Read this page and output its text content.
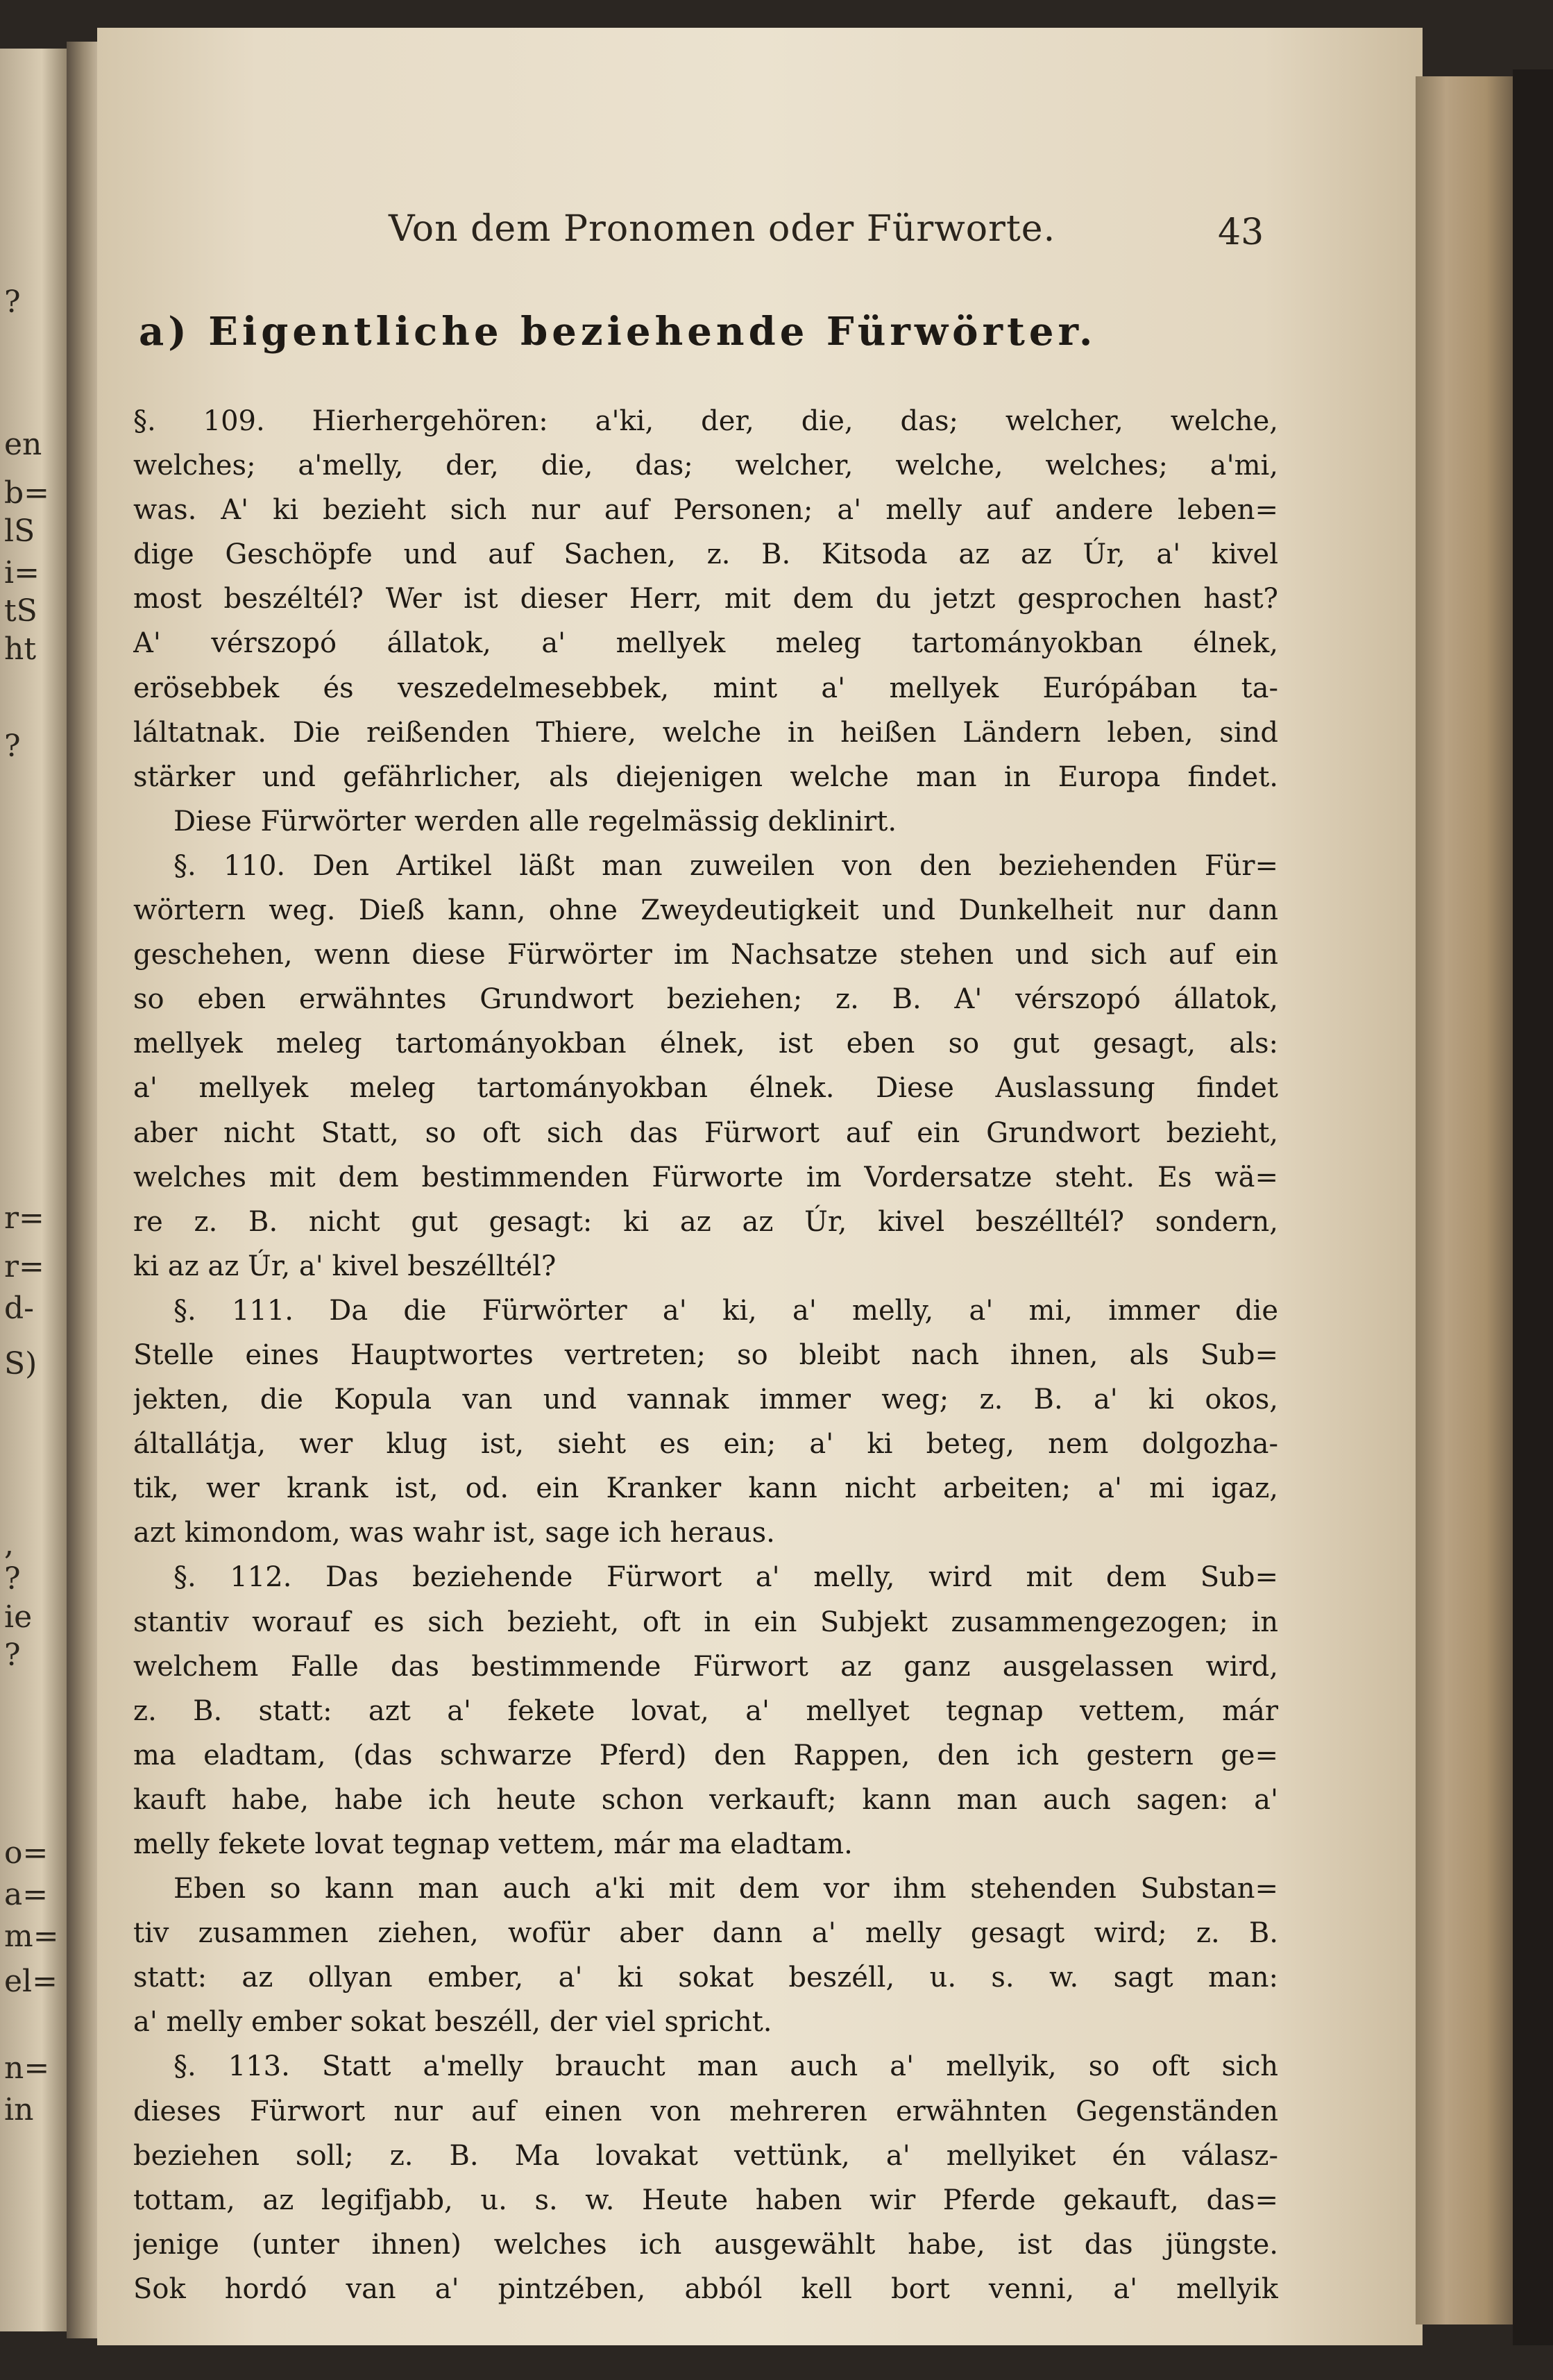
?
en
b=
lS
i=
tS
ht
?
r=
r=
d-
S)
,
?
ie
?
o=
a=
m=
el=
n=
in
Von dem Pronomen oder Fürworte.	43
a) Eigentliche beziehende Fürwörter.
§. 109. Hierhergehören: a'ki, der, die, das; welcher, welche,
welches; a'melly, der, die, das; welcher, welche, welches; a'mi,
was. A' ki bezieht sich nur auf Personen; a' melly auf andere leben=
dige Geschöpfe und auf Sachen, z. B. Kitsoda az az Úr, a' kivel
most beszéltél? Wer ist dieser Herr, mit dem du jetzt gesprochen hast?
A' vérszopó állatok, a' mellyek meleg tartományokban élnek,
erösebbek és veszedelmesebbek, mint a' mellyek Európában ta-
láltatnak. Die reißenden Thiere, welche in heißen Ländern leben, sind
stärker und gefährlicher, als diejenigen welche man in Europa findet.
Diese Fürwörter werden alle regelmässig deklinirt.
§. 110. Den Artikel läßt man zuweilen von den beziehenden Für=
wörtern weg. Dieß kann, ohne Zweydeutigkeit und Dunkelheit nur dann
geschehen, wenn diese Fürwörter im Nachsatze stehen und sich auf ein
so eben erwähntes Grundwort beziehen; z. B. A' vérszopó állatok,
mellyek meleg tartományokban élnek, ist eben so gut gesagt, als:
a' mellyek meleg tartományokban élnek. Diese Auslassung findet
aber nicht Statt, so oft sich das Fürwort auf ein Grundwort bezieht,
welches mit dem bestimmenden Fürworte im Vordersatze steht. Es wä=
re z. B. nicht gut gesagt: ki az az Úr, kivel beszélltél? sondern,
ki az az Úr, a' kivel beszélltél?
§. 111. Da die Fürwörter a' ki, a' melly, a' mi, immer die
Stelle eines Hauptwortes vertreten; so bleibt nach ihnen, als Sub=
jekten, die Kopula van und vannak immer weg; z. B. a' ki okos,
általlátja, wer klug ist, sieht es ein; a' ki beteg, nem dolgozha-
tik, wer krank ist, od. ein Kranker kann nicht arbeiten; a' mi igaz,
azt kimondom, was wahr ist, sage ich heraus.
§. 112. Das beziehende Fürwort a' melly, wird mit dem Sub=
stantiv worauf es sich bezieht, oft in ein Subjekt zusammengezogen; in
welchem Falle das bestimmende Fürwort az ganz ausgelassen wird,
z. B. statt: azt a' fekete lovat, a' mellyet tegnap vettem, már
ma eladtam, (das schwarze Pferd) den Rappen, den ich gestern ge=
kauft habe, habe ich heute schon verkauft; kann man auch sagen: a'
melly fekete lovat tegnap vettem, már ma eladtam.
Eben so kann man auch a'ki mit dem vor ihm stehenden Substan=
tiv zusammen ziehen, wofür aber dann a' melly gesagt wird; z. B.
statt: az ollyan ember, a' ki sokat beszéll, u. s. w. sagt man:
a' melly ember sokat beszéll, der viel spricht.
§. 113. Statt a'melly braucht man auch a' mellyik, so oft sich
dieses Fürwort nur auf einen von mehreren erwähnten Gegenständen
beziehen soll; z. B. Ma lovakat vettünk, a' mellyiket én válasz-
tottam, az legifjabb, u. s. w. Heute haben wir Pferde gekauft, das=
jenige (unter ihnen) welches ich ausgewählt habe, ist das jüngste.
Sok hordó van a' pintzében, abból kell bort venni, a' mellyik
